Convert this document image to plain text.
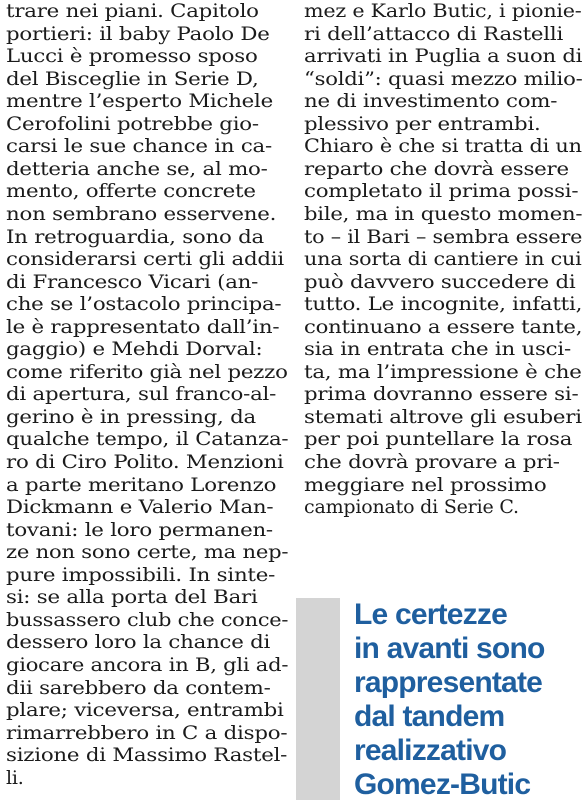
trare nei piani. Capitolo
portieri: il baby Paolo De
Lucci è promesso sposo
del Bisceglie in Serie D,
mentre l’esperto Michele
Cerofolini potrebbe gio-
carsi le sue chance in ca-
detteria anche se, al mo-
mento, offerte concrete
non sembrano esservene.
In retroguardia, sono da
considerarsi certi gli addii
di Francesco Vicari (an-
che se l’ostacolo principa-
le è rappresentato dall’in-
gaggio) e Mehdi Dorval:
come riferito già nel pezzo
di apertura, sul franco-al-
gerino è in pressing, da
qualche tempo, il Catanza-
ro di Ciro Polito. Menzioni
a parte meritano Lorenzo
Dickmann e Valerio Man-
tovani: le loro permanen-
ze non sono certe, ma nep-
pure impossibili. In sinte-
si: se alla porta del Bari
bussassero club che conce-
dessero loro la chance di
giocare ancora in B, gli ad-
dii sarebbero da contem-
plare; viceversa, entrambi
rimarrebbero in C a dispo-
sizione di Massimo Rastel-
li.
mez e Karlo Butic, i pionie-
ri dell’attacco di Rastelli
arrivati in Puglia a suon di
“soldi”: quasi mezzo milio-
ne di investimento com-
plessivo per entrambi.
Chiaro è che si tratta di un
reparto che dovrà essere
completato il prima possi-
bile, ma in questo momen-
to – il Bari – sembra essere
una sorta di cantiere in cui
può davvero succedere di
tutto. Le incognite, infatti,
continuano a essere tante,
sia in entrata che in usci-
ta, ma l’impressione è che
prima dovranno essere si-
stemati altrove gli esuberi
per poi puntellare la rosa
che dovrà provare a pri-
meggiare nel prossimo
campionato di Serie C.
Le certezze
in avanti sono
rappresentate
dal tandem
realizzativo
Gomez-Butic
